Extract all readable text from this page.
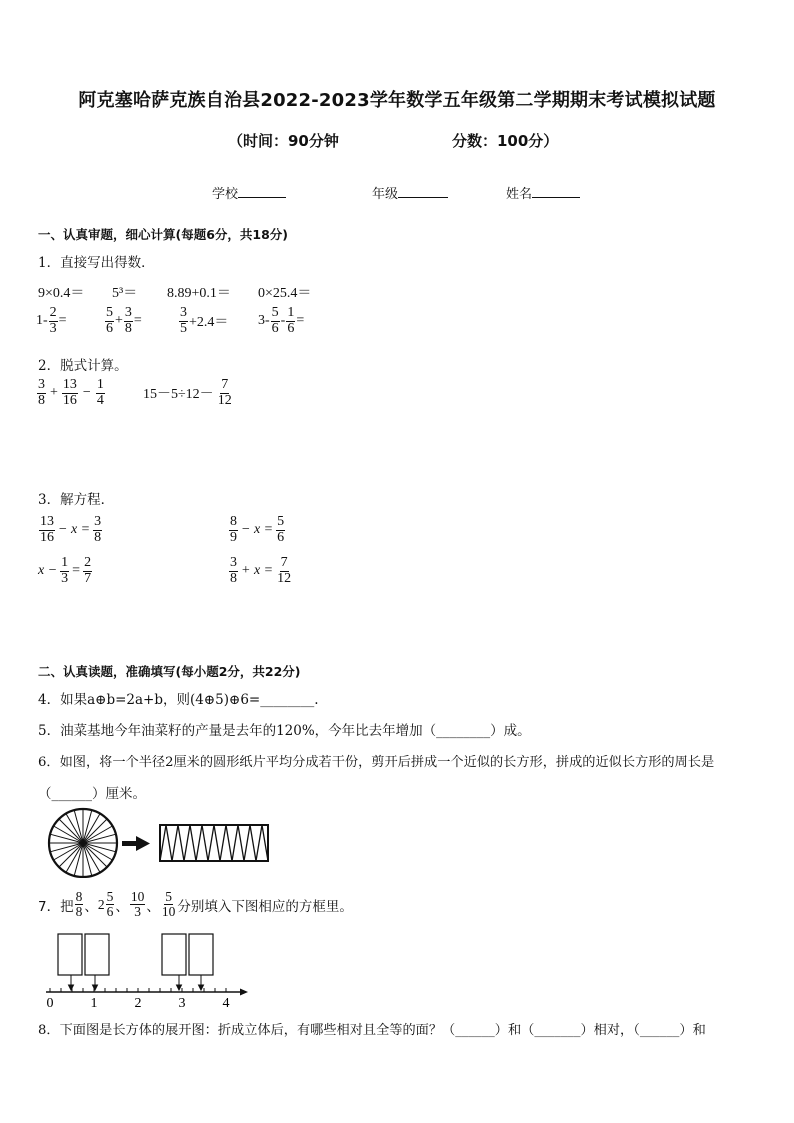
阿克塞哈萨克族自治县2022-2023学年数学五年级第二学期期末考试模拟试题
（时间：90分钟	分数：100分）
学校	年级	姓名
一、认真审题，细心计算(每题6分，共18分)
1．直接写出得数．
9×0.4＝ 5³＝ 8.89+0.1＝ 0×25.4＝
$1- \frac{2}{3}$ =	$\frac{5}{6} + \frac{3}{8}$ =	$\frac{3}{5} +2.4= 3- \frac{5}{6} - \frac{1}{6}$ =
2．脱式计算。
$\frac{3}{8} + \frac{13}{16} - \frac{1}{4}$	$15-5\div 12- \frac{7}{12}$
3．解方程．
$\frac{13}{16} - x = \frac{3}{8}$	$\frac{8}{9} - x = \frac{5}{6}$
$x - \frac{1}{3} = \frac{2}{7}$	$\frac{3}{8} + x = \frac{7}{12}$
二、认真读题，准确填写(每小题2分，共22分)
4．如果a⊕b=2a+b，则(4⊕5)⊕6=________.
5．油菜基地今年油菜籽的产量是去年的120%，今年比去年增加（________）成。
6．如图，将一个半径2厘米的圆形纸片平均分成若干份，剪开后拼成一个近似的长方形，拼成的近似长方形的周长是
（______）厘米。
7．把 $\frac{8}{8}$ 、 $2 \frac{5}{6}$ 、 $\frac{10}{3}$ 、 $\frac{5}{10}$ 分别填入下图相应的方框里。
0	1	2	3	4
8．下面图是长方体的展开图：折成立体后，有哪些相对且全等的面？（______）和（_______）相对，（______）和
